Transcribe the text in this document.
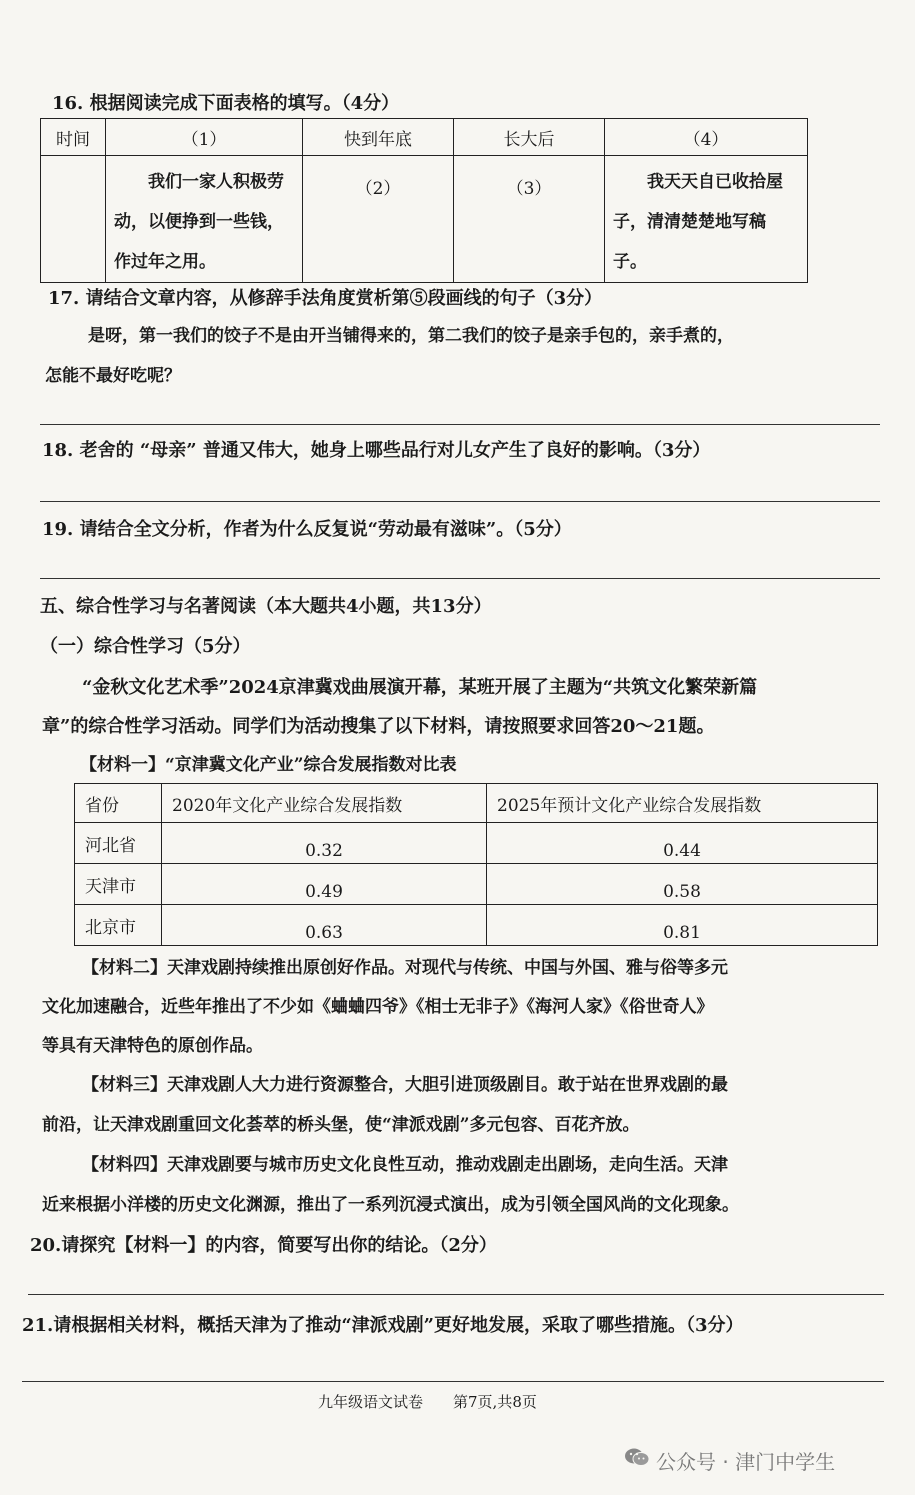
16. 根据阅读完成下面表格的填写。（4分）
时间	（1）	快到年底	长大后	（4）

	我们一家人积极劳动，以便挣到一些钱，作过年之用。	（2）	（3）	我天天自已收拾屋子，清清楚楚地写稿子。
17. 请结合文章内容，从修辞手法角度赏析第⑤段画线的句子（3分）
是呀，第一我们的饺子不是由开当铺得来的，第二我们的饺子是亲手包的，亲手煮的，
怎能不最好吃呢？
18. 老舍的 “母亲” 普通又伟大，她身上哪些品行对儿女产生了良好的影响。（3分）
19. 请结合全文分析，作者为什么反复说“劳动最有滋味”。（5分）
五、综合性学习与名著阅读（本大题共4小题，共13分）
（一）综合性学习（5分）
“金秋文化艺术季”2024京津冀戏曲展演开幕，某班开展了主题为“共筑文化繁荣新篇
章”的综合性学习活动。同学们为活动搜集了以下材料，请按照要求回答20～21题。
【材料一】“京津冀文化产业”综合发展指数对比表
省份	2020年文化产业综合发展指数	2025年预计文化产业综合发展指数
河北省	0.32	0.44
天津市	0.49	0.58
北京市	0.63	0.81
【材料二】天津戏剧持续推出原创好作品。对现代与传统、中国与外国、雅与俗等多元
文化加速融合，近些年推出了不少如《蛐蛐四爷》《相士无非子》《海河人家》《俗世奇人》
等具有天津特色的原创作品。
【材料三】天津戏剧人大力进行资源整合，大胆引进顶级剧目。敢于站在世界戏剧的最
前沿，让天津戏剧重回文化荟萃的桥头堡，使“津派戏剧”多元包容、百花齐放。
【材料四】天津戏剧要与城市历史文化良性互动，推动戏剧走出剧场，走向生活。天津
近来根据小洋楼的历史文化渊源，推出了一系列沉浸式演出，成为引领全国风尚的文化现象。
20.请探究【材料一】的内容，简要写出你的结论。（2分）
21.请根据相关材料，概括天津为了推动“津派戏剧”更好地发展，采取了哪些措施。（3分）
九年级语文试卷　　第7页,共8页
公众号 · 津门中学生
